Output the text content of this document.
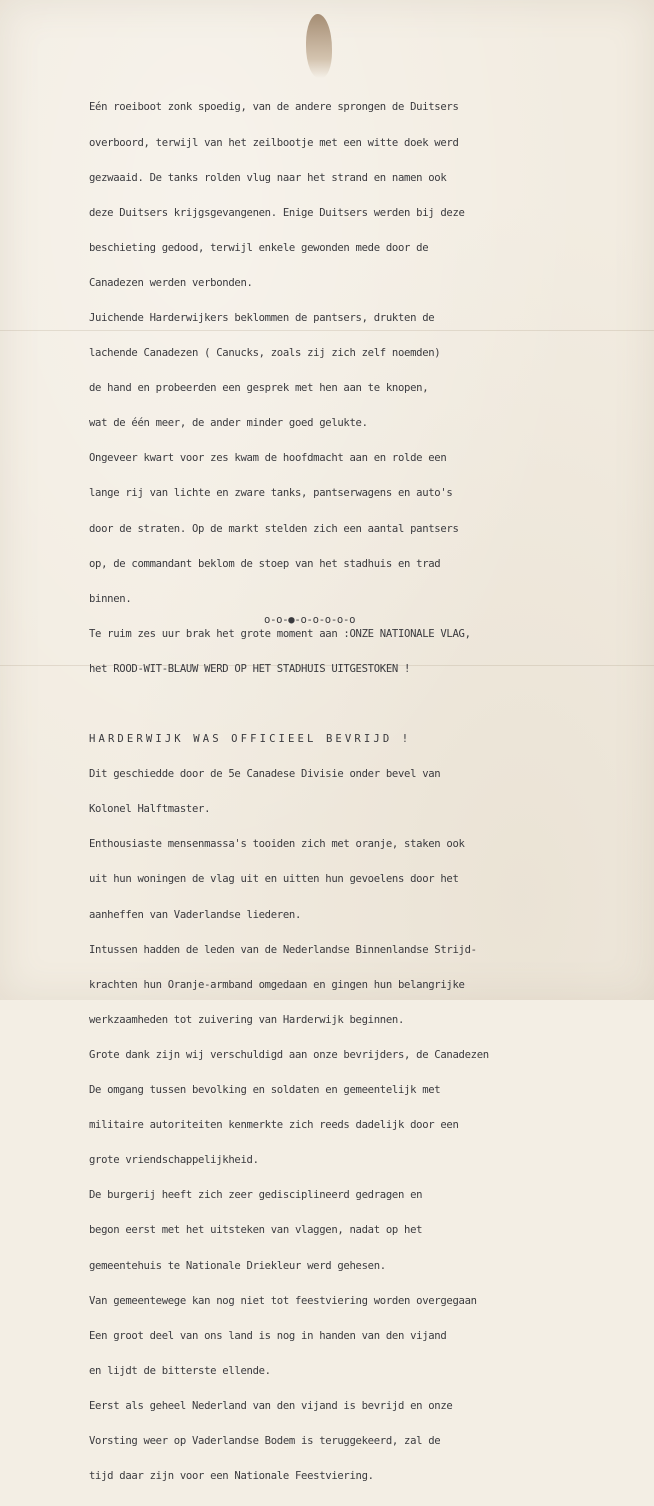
Eén roeiboot zonk spoedig, van de andere sprongen de Duitsers

overboord, terwijl van het zeilbootje met een witte doek werd

gezwaaid. De tanks rolden vlug naar het strand en namen ook

deze Duitsers krijgsgevangenen. Enige Duitsers werden bij deze

beschieting gedood, terwijl enkele gewonden mede door de

Canadezen werden verbonden.

Juichende Harderwijkers beklommen de pantsers, drukten de

lachende Canadezen ( Canucks, zoals zij zich zelf noemden)

de hand en probeerden een gesprek met hen aan te knopen,

wat de één meer, de ander minder goed gelukte.

Ongeveer kwart voor zes kwam de hoofdmacht aan en rolde een

lange rij van lichte en zware tanks, pantserwagens en auto's

door de straten. Op de markt stelden zich een aantal pantsers

op, de commandant beklom de stoep van het stadhuis en trad

binnen.

Te ruim zes uur brak het grote moment aan :ONZE NATIONALE VLAG,

het ROOD-WIT-BLAUW WERD OP HET STADHUIS UITGESTOKEN !

HARDERWIJK WAS OFFICIEEL BEVRIJD !

Dit geschiedde door de 5e Canadese Divisie onder bevel van

Kolonel Halftmaster.

Enthousiaste mensenmassa's tooiden zich met oranje, staken ook

uit hun woningen de vlag uit en uitten hun gevoelens door het

aanheffen van Vaderlandse liederen.

Intussen hadden de leden van de Nederlandse Binnenlandse Strijd-

krachten hun Oranje-armband omgedaan en gingen hun belangrijke

werkzaamheden tot zuivering van Harderwijk beginnen.

Grote dank zijn wij verschuldigd aan onze bevrijders, de Canadezen

De omgang tussen bevolking en soldaten en gemeentelijk met

militaire autoriteiten kenmerkte zich reeds dadelijk door een

grote vriendschappelijkheid.

De burgerij heeft zich zeer gedisciplineerd gedragen en

begon eerst met het uitsteken van vlaggen, nadat op het

gemeentehuis te Nationale Driekleur werd gehesen.

Van gemeentewege kan nog niet tot feestviering worden overgegaan

Een groot deel van ons land is nog in handen van den vijand

en lijdt de bitterste ellende.

Eerst als geheel Nederland van den vijand is bevrijd en onze

Vorsting weer op Vaderlandse Bodem is teruggekeerd, zal de

tijd daar zijn voor een Nationale Feestviering.

o-o-●-o-o-o-o-o
